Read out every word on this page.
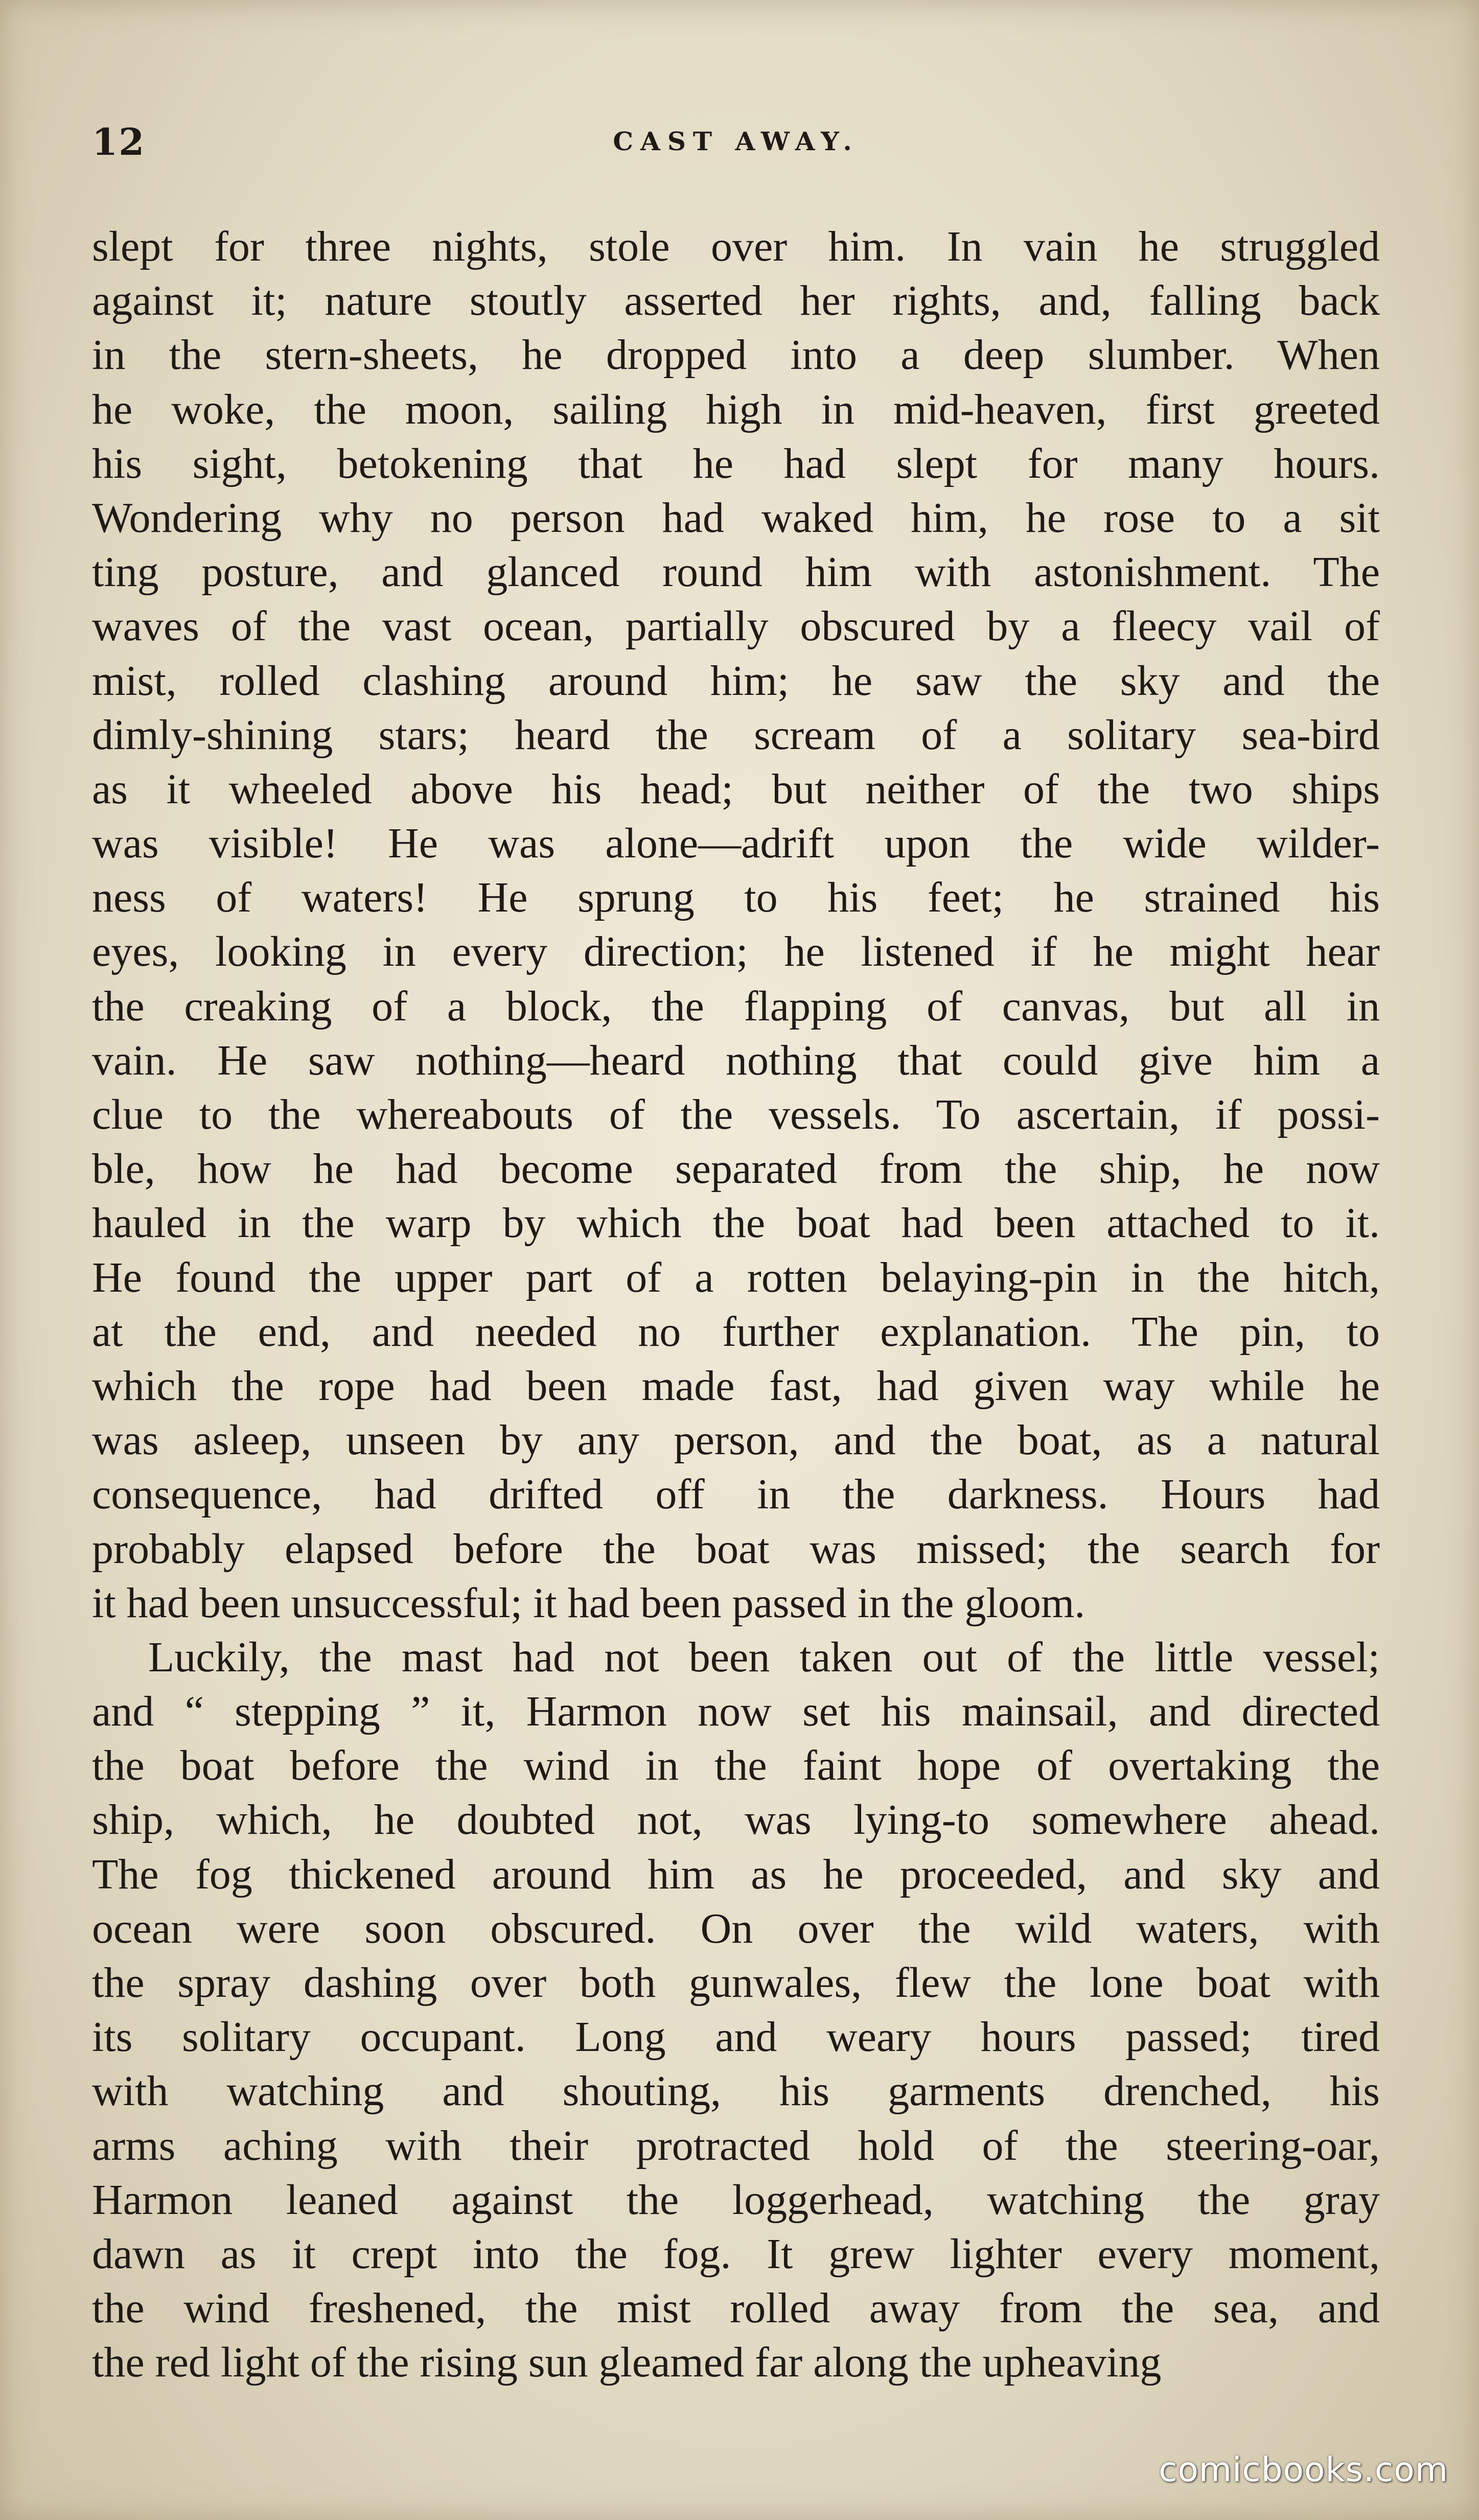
12	CAST AWAY.
slept for three nights, stole over him. In vain he struggled
against it; nature stoutly asserted her rights, and, falling back
in the stern-sheets, he dropped into a deep slumber. When
he woke, the moon, sailing high in mid-heaven, first greeted
his sight, betokening that he had slept for many hours.
Wondering why no person had waked him, he rose to a sit
ting posture, and glanced round him with astonishment. The
waves of the vast ocean, partially obscured by a fleecy vail of
mist, rolled clashing around him; he saw the sky and the
dimly-shining stars; heard the scream of a solitary sea-bird
as it wheeled above his head; but neither of the two ships
was visible! He was alone—adrift upon the wide wilder-
ness of waters! He sprung to his feet; he strained his
eyes, looking in every direction; he listened if he might hear
the creaking of a block, the flapping of canvas, but all in
vain. He saw nothing—heard nothing that could give him a
clue to the whereabouts of the vessels. To ascertain, if possi-
ble, how he had become separated from the ship, he now
hauled in the warp by which the boat had been attached to it.
He found the upper part of a rotten belaying-pin in the hitch,
at the end, and needed no further explanation. The pin, to
which the rope had been made fast, had given way while he
was asleep, unseen by any person, and the boat, as a natural
consequence, had drifted off in the darkness. Hours had
probably elapsed before the boat was missed; the search for
it had been unsuccessful; it had been passed in the gloom.
Luckily, the mast had not been taken out of the little vessel;
and “ stepping ” it, Harmon now set his mainsail, and directed
the boat before the wind in the faint hope of overtaking the
ship, which, he doubted not, was lying-to somewhere ahead.
The fog thickened around him as he proceeded, and sky and
ocean were soon obscured. On over the wild waters, with
the spray dashing over both gunwales, flew the lone boat with
its solitary occupant. Long and weary hours passed; tired
with watching and shouting, his garments drenched, his
arms aching with their protracted hold of the steering-oar,
Harmon leaned against the loggerhead, watching the gray
dawn as it crept into the fog. It grew lighter every moment,
the wind freshened, the mist rolled away from the sea, and
the red light of the rising sun gleamed far along the upheaving
comicbooks.com
